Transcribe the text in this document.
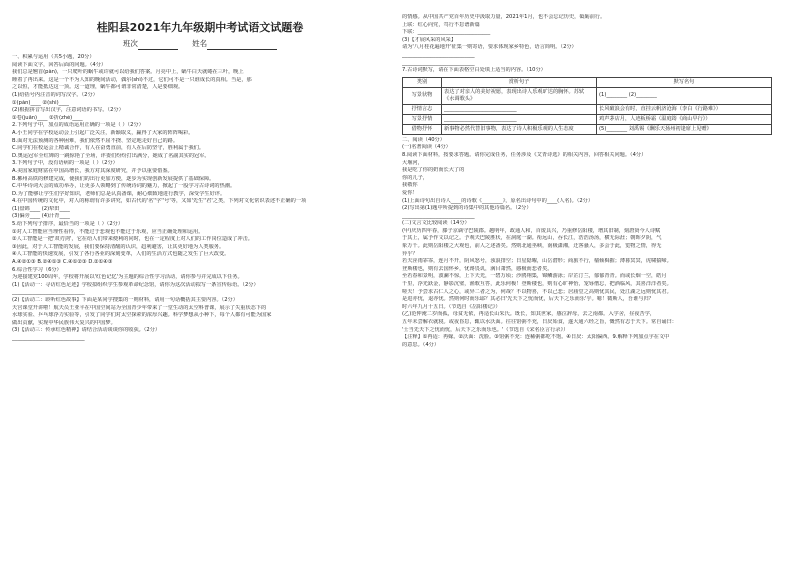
桂阳县2021年九年级期中考试语文试题卷
班次	姓名
一、积累与运用（共5小题，20分）
阅读下面文字，回答后面的问题。（4分）
我们总是翘首(pàn)，一只爬叶的蜗牛或许就可以给我们答案。月亮中上，蜗牛白天就蜷在三叶，晚上
睡着了再出来。这是一个不为人知的晚间活动，偶尔(shì)不过，它们可不是一只谁成长的真相。当是，那
之以恒，才能抵达这一顶。这一道理，蜗牛都可谓非常清楚，人是要细观。
(1)给括号内注音的词写汉字。（2分）
①(pàn)____ ②(shì)____
(2)根据拼音写出汉字，注意词语的书写。（2分）
①卷(juǎn)____ ②折(zhé)____
2.下列句子中，加点的成语运用正确的一项是（ ）（2分）
A.小王同学在学校运动会上引起广泛关注，新颖取义，赢得了大家的阵阵喝彩。
B.面对无法预测的各种困难，我们依然不屈不挠、坚定地走好自己的路。
C.同学们在校运会上精诚合作，有人在奋勇直前，有人在后防坚守，胜利属于我们。
D.奥运冠军全红婵的一跳惊艳了全场，评委们纷纷打出满分，她成了名副其实的冠军。
3.下列句子中，没有语病的一项是（ ）（2分）
A.美国家庭财富在中国高增长，我方对其深度研究，并予以重要借鉴。
B.郴州高铁的修建完成，使我们的出行更加方便，逐步为实现创新发展提供了基础保障。
C.中华诗词大会的成功举办，让更多人领略到了传统诗词的魅力，掀起了一股学习古诗词的热潮。
D.为了能够让学生们学好知识，老师们总是认真备课，耐心细致地进行教学，深受学生好评。
4.在中国传统的文化中，对人的称谓有许多讲究，如古代的'名''字''号'等，又如'先生''君'之类，下列对文化常识表述不正确的一项
(1)盘锦____ (2)犁田____
(3)偏旁____ (4)汗青____
5.给下列句子排序，最恰当的一项是（ ）（2分）
①对人工智能应当理性看待，不能过于悲观也不能过于乐观，应当正确处理和运用。
②人工智能是一把'双刃剑'，它在给人们带来便利的同时，也在一定程度上对人们的工作岗位造成了冲击。
③因此，对于人工智能的发展，我们要保持清醒的认识，趋利避害，让其更好地为人类服务。
④人工智能的快速发展，引发了各行各业的深刻变革，人们的生活方式也随之发生了巨大改变。
A.④②①③ B.②④①③ C.④①②③ D.②①④③
6.综合性学习（6分）
为迎接建党100周年，学校将开展以'红色记忆'为主题的综合性学习活动，请你参与并完成以下任务。
(1)【活动一：寻访红色足迹】学校拟组织学生参观革命纪念馆，请你为这次活动拟写一条宣传标语。（2分）
____________________________
(2)【活动二：聆听红色故事】下面是某同学搜集的一则材料，请用一句话概括其主要内容。（2分）
天宫课堂开讲啦！航天员王亚平在中国空间站为全国青少年带来了一堂生动的太空科普课，展示了失重状态下的
水球实验、乒乓球浮力实验等，引发了同学们对太空探索的浓厚兴趣。科学梦想从小种下，每个人都有可能为国家
做出贡献，实现中华民族伟大复兴的中国梦。
(3)【活动三：传承红色精神】请结合活动谈谈你的收获。（2分）
____________________________
的情感。从中国共产党百年历史中汲取力量，2021年1月，也不会忘记历史，砥砺前行。
上联：红心向党，笃行不怠谱新篇
下联：____________________________
(3)【才展风采的风采】
请为'八月桂花遍地开'征集一则寄语，要求体现家乡特色，语言简明。（2分）
____________________________
____________________________
7.古诗词默写，请在下面表格空白处填上适当的内容。（10分）
类别	赏析句子	默写名句
写景状物	表达了对亲人的美好祝愿，表现出诗人乐观旷达的胸怀。苏轼《水调歌头》	(1)________ (2)________
抒情言志	____________________________	长风破浪会有时，直挂云帆济沧海（李白《行路难》）
写景抒情	____________________________	鸡声茅店月，人迹板桥霜（温庭筠《商山早行》）
借物抒怀	新事物必然代替旧事物，表达了诗人积极乐观的人生态度	(5)________ 刘禹锡《酬乐天扬州初逢席上见赠》
二、阅读（40分）
(一)名著阅读（4分）
8.阅读下面材料，按要求答题。请你完成任务，任务涉及《艾青诗选》的相关内容，回答相关问题。（4分）
大堰河，
我是吃了你的奶而长大了的
你的儿子，
我敬你
爱你！
(1)上面诗句出自诗人____的诗歌《________》，原名出诗句中的____(人名)。（2分）
(2)写出第(1)题中所提到的诗集中的其他诗篇名。（2分）
____________________________
(二)文言文比较阅读（14分）
(甲)庆历四年春，滕子京谪守巴陵郡。越明年，政通人和，百废具兴，乃重修岳阳楼，增其旧制，刻唐贤今人诗赋
于其上，属予作文以记之。予观夫巴陵胜状，在洞庭一湖。衔远山，吞长江，浩浩汤汤，横无际涯；朝晖夕阴，气
象万千。此则岳阳楼之大观也，前人之述备矣。然则北通巫峡，南极潇湘，迁客骚人，多会于此，览物之情，得无
异乎？
若夫淫雨霏霏，连月不开，阴风怒号，浊浪排空；日星隐曜，山岳潜形；商旅不行，樯倾楫摧；薄暮冥冥，虎啸猿啼。
登斯楼也，则有去国怀乡，忧谗畏讥，满目萧然，感极而悲者矣。
至若春和景明，波澜不惊，上下天光，一碧万顷；沙鸥翔集，锦鳞游泳；岸芷汀兰，郁郁青青。而或长烟一空，皓月
千里，浮光跃金，静影沉璧，渔歌互答，此乐何极！登斯楼也，则有心旷神怡，宠辱偕忘，把酒临风，其喜洋洋者矣。
嗟夫！予尝求古仁人之心，或异二者之为，何哉？不以物喜，不以己悲；居庙堂之高则忧其民，处江湖之远则忧其君。
是进亦忧，退亦忧。然则何时而乐耶？其必曰'先天下之忧而忧，后天下之乐而乐'乎。噫！微斯人，吾谁与归？
时六年九月十五日。（节选自《岳阳楼记》）
(乙)范仲淹二岁而孤，母贫无依，再适长山朱氏。既长，知其世家，感泣辞母，去之南都。入学舍，昼夜苦学，
五年未尝解衣就寝。或夜昏怠，辄以水沃面。往往馆粥不充，日昃始食，遂大通六经之旨，慨然有志于天下。常自诵曰：
'士当先天下之忧而忧，后天下之乐而乐也。'（节选自《宋名臣言行录》）
【注释】①再适：再嫁。②沃面：洗脸。③馆粥不充：连稀粥都吃不饱。④日昃：太阳偏西。9.解释下列加点字在文中
的意思。（4分）
